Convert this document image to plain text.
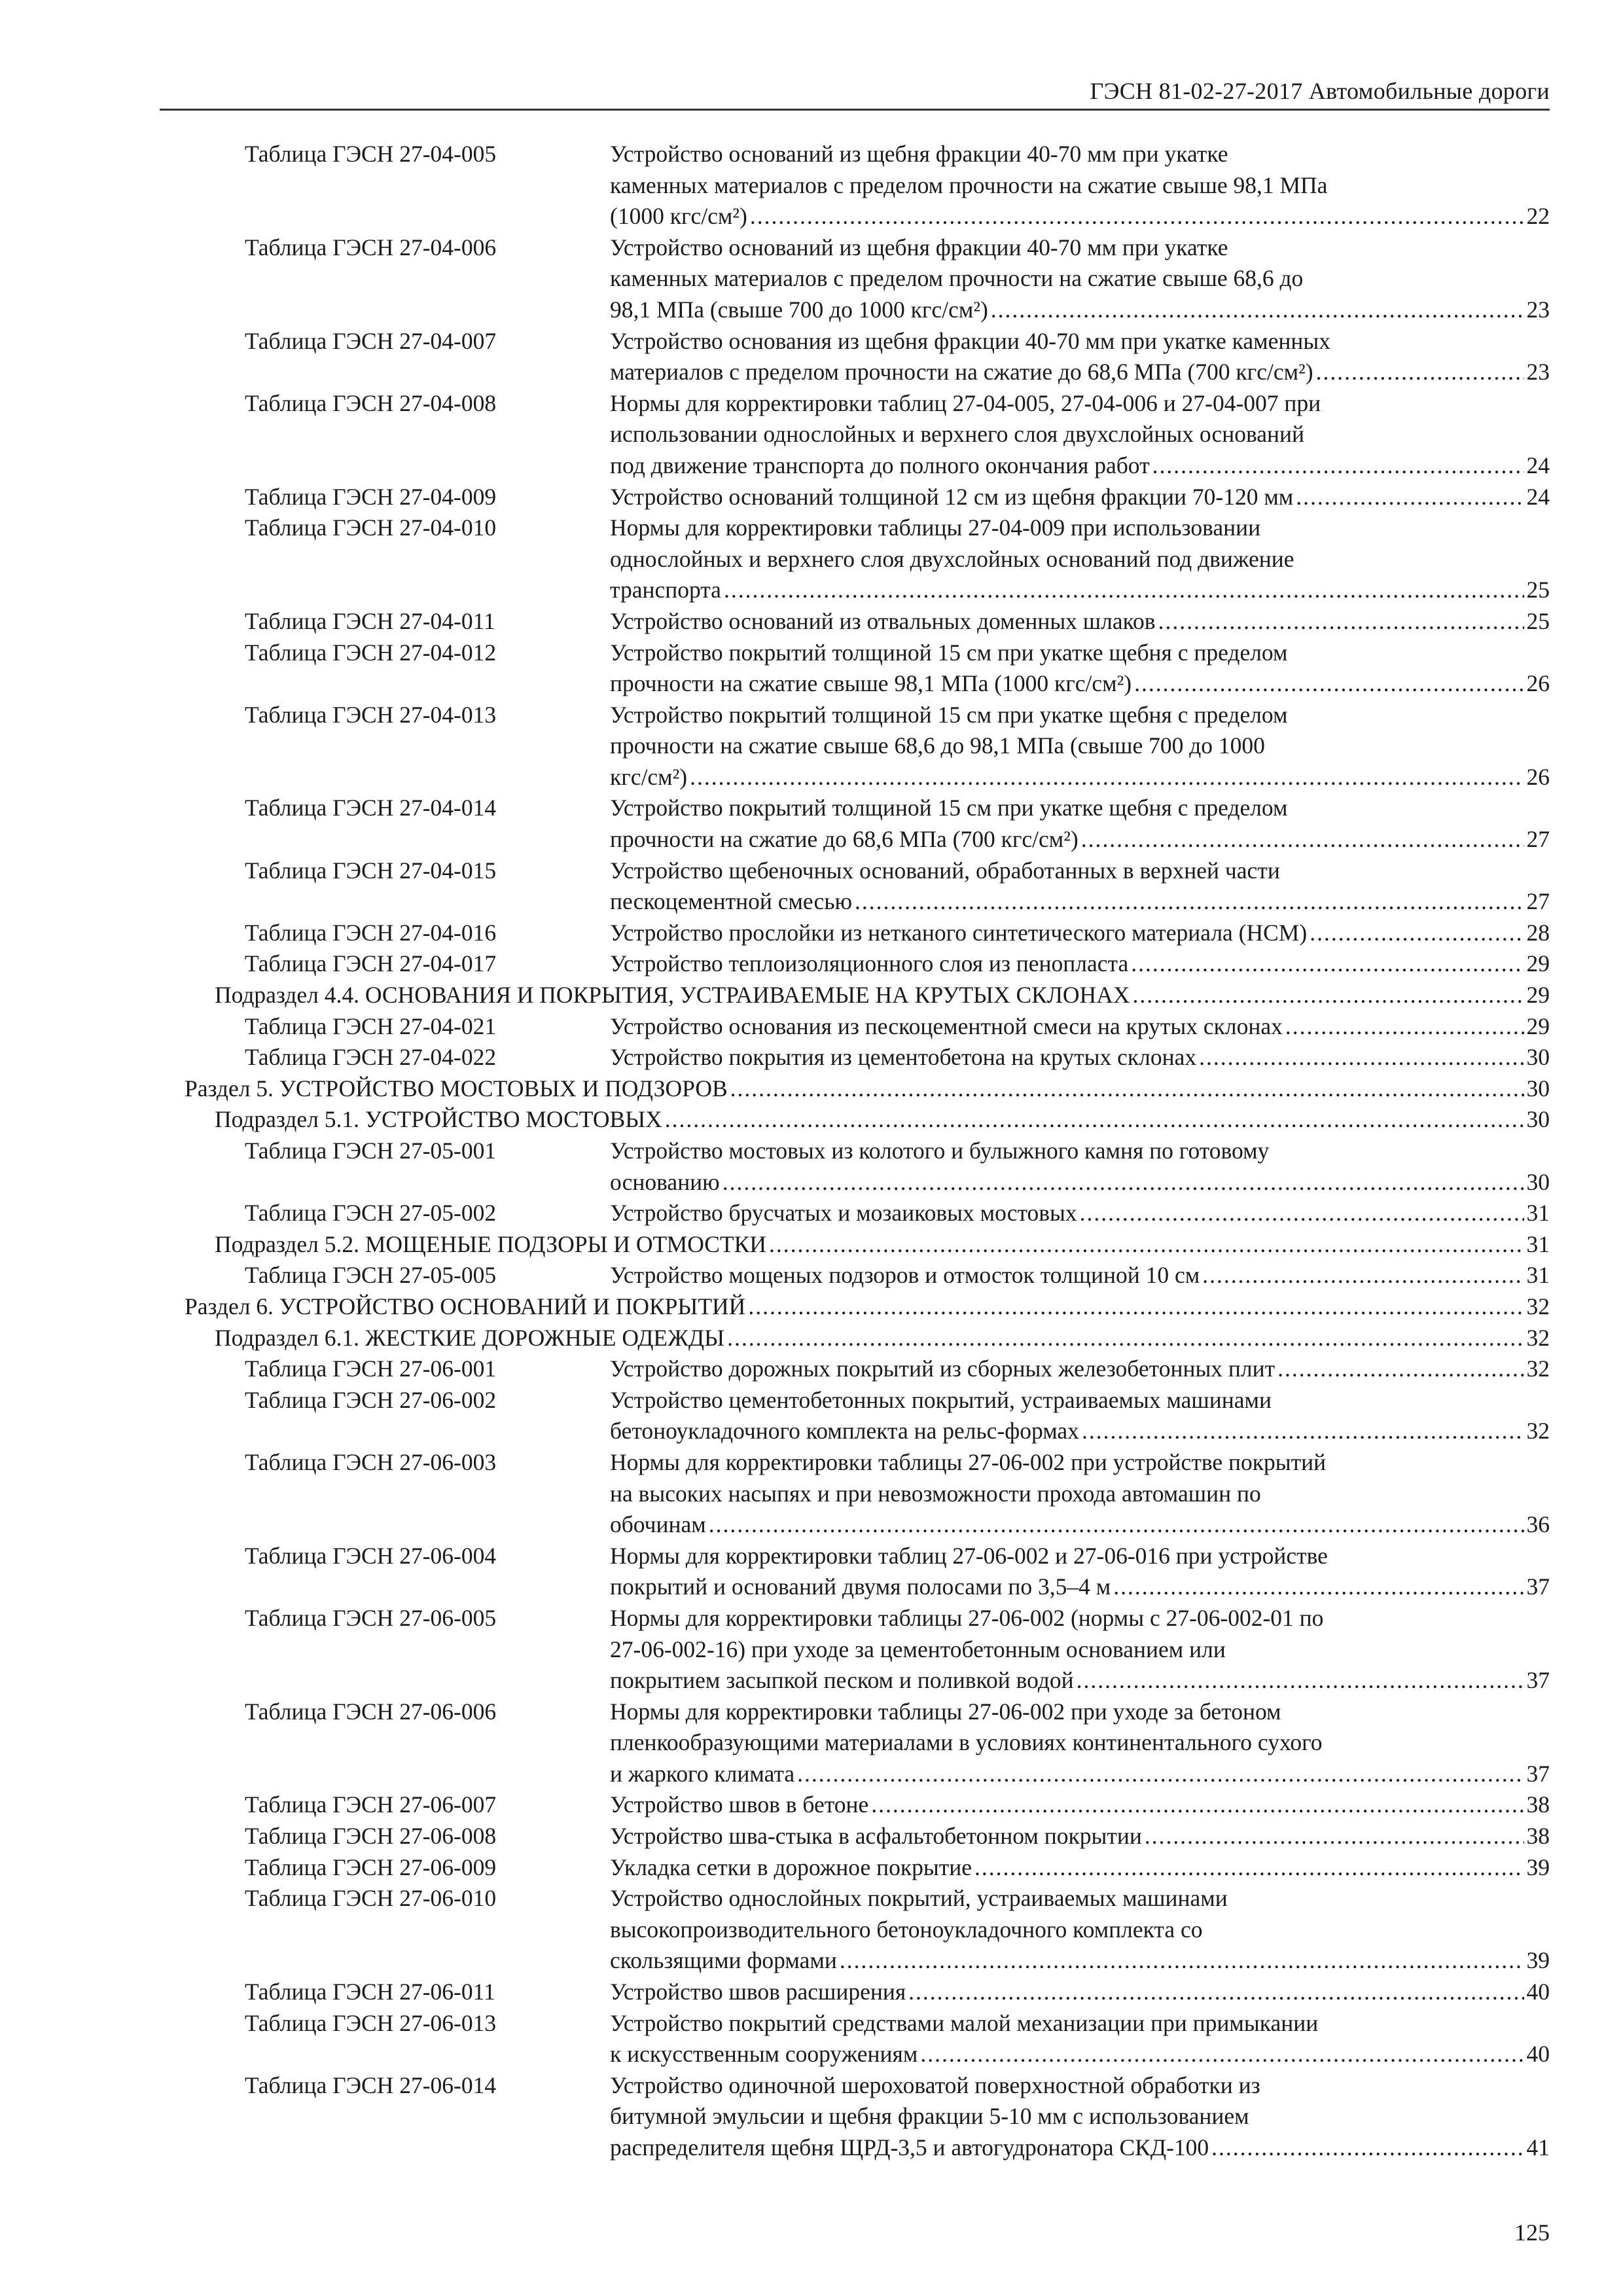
ГЭСН 81-02-27-2017 Автомобильные дороги
Таблица ГЭСН 27-04-005	Устройство оснований из щебня фракции 40-70 мм при укатке
каменных материалов с пределом прочности на сжатие свыше 98,1 МПа
(1000 кгс/см²) .....	22
Таблица ГЭСН 27-04-006	Устройство оснований из щебня фракции 40-70 мм при укатке
каменных материалов с пределом прочности на сжатие свыше 68,6 до
98,1 МПа (свыше 700 до 1000 кгс/см²) .....	23
Таблица ГЭСН 27-04-007	Устройство основания из щебня фракции 40-70 мм при укатке каменных
материалов с пределом прочности на сжатие до 68,6 МПа (700 кгс/см²) .....	23
Таблица ГЭСН 27-04-008	Нормы для корректировки таблиц 27-04-005, 27-04-006 и 27-04-007 при
использовании однослойных и верхнего слоя двухслойных оснований
под движение транспорта до полного окончания работ .....	24
Таблица ГЭСН 27-04-009	Устройство оснований толщиной 12 см из щебня фракции 70-120 мм .....	24
Таблица ГЭСН 27-04-010	Нормы для корректировки таблицы 27-04-009 при использовании
однослойных и верхнего слоя двухслойных оснований под движение
транспорта .....	25
Таблица ГЭСН 27-04-011	Устройство оснований из отвальных доменных шлаков .....	25
Таблица ГЭСН 27-04-012	Устройство покрытий толщиной 15 см при укатке щебня с пределом
прочности на сжатие свыше 98,1 МПа (1000 кгс/см²) .....	26
Таблица ГЭСН 27-04-013	Устройство покрытий толщиной 15 см при укатке щебня с пределом
прочности на сжатие свыше 68,6 до 98,1 МПа (свыше 700 до 1000
кгс/см²) .....	26
Таблица ГЭСН 27-04-014	Устройство покрытий толщиной 15 см при укатке щебня с пределом
прочности на сжатие до 68,6 МПа (700 кгс/см²) .....	27
Таблица ГЭСН 27-04-015	Устройство щебеночных оснований, обработанных в верхней части
пескоцементной смесью .....	27
Таблица ГЭСН 27-04-016	Устройство прослойки из нетканого синтетического материала (НСМ) .....	28
Таблица ГЭСН 27-04-017	Устройство теплоизоляционного слоя из пенопласта .....	29
Подраздел 4.4. ОСНОВАНИЯ И ПОКРЫТИЯ, УСТРАИВАЕМЫЕ НА КРУТЫХ СКЛОНАХ .....	29
Таблица ГЭСН 27-04-021	Устройство основания из пескоцементной смеси на крутых склонах .....	29
Таблица ГЭСН 27-04-022	Устройство покрытия из цементобетона на крутых склонах .....	30
Раздел 5. УСТРОЙСТВО МОСТОВЫХ И ПОДЗОРОВ .....	30
Подраздел 5.1. УСТРОЙСТВО МОСТОВЫХ .....	30
Таблица ГЭСН 27-05-001	Устройство мостовых из колотого и булыжного камня по готовому
основанию .....	30
Таблица ГЭСН 27-05-002	Устройство брусчатых и мозаиковых мостовых .....	31
Подраздел 5.2. МОЩЕНЫЕ ПОДЗОРЫ И ОТМОСТКИ .....	31
Таблица ГЭСН 27-05-005	Устройство мощеных подзоров и отмосток толщиной 10 см .....	31
Раздел 6. УСТРОЙСТВО ОСНОВАНИЙ И ПОКРЫТИЙ .....	32
Подраздел 6.1. ЖЕСТКИЕ ДОРОЖНЫЕ ОДЕЖДЫ .....	32
Таблица ГЭСН 27-06-001	Устройство дорожных покрытий из сборных железобетонных плит .....	32
Таблица ГЭСН 27-06-002	Устройство цементобетонных покрытий, устраиваемых машинами
бетоноукладочного комплекта на рельс-формах .....	32
Таблица ГЭСН 27-06-003	Нормы для корректировки таблицы 27-06-002 при устройстве покрытий
на высоких насыпях и при невозможности прохода автомашин по
обочинам .....	36
Таблица ГЭСН 27-06-004	Нормы для корректировки таблиц 27-06-002 и 27-06-016 при устройстве
покрытий и оснований двумя полосами по 3,5–4 м .....	37
Таблица ГЭСН 27-06-005	Нормы для корректировки таблицы 27-06-002 (нормы с 27-06-002-01 по
27-06-002-16) при уходе за цементобетонным основанием или
покрытием засыпкой песком и поливкой водой .....	37
Таблица ГЭСН 27-06-006	Нормы для корректировки таблицы 27-06-002 при уходе за бетоном
пленкообразующими материалами в условиях континентального сухого
и жаркого климата .....	37
Таблица ГЭСН 27-06-007	Устройство швов в бетоне .....	38
Таблица ГЭСН 27-06-008	Устройство шва-стыка в асфальтобетонном покрытии .....	38
Таблица ГЭСН 27-06-009	Укладка сетки в дорожное покрытие .....	39
Таблица ГЭСН 27-06-010	Устройство однослойных покрытий, устраиваемых машинами
высокопроизводительного бетоноукладочного комплекта со
скользящими формами .....	39
Таблица ГЭСН 27-06-011	Устройство швов расширения .....	40
Таблица ГЭСН 27-06-013	Устройство покрытий средствами малой механизации при примыкании
к искусственным сооружениям .....	40
Таблица ГЭСН 27-06-014	Устройство одиночной шероховатой поверхностной обработки из
битумной эмульсии и щебня фракции 5-10 мм с использованием
распределителя щебня ЩРД-3,5 и автогудронатора СКД-100 .....	41
125
